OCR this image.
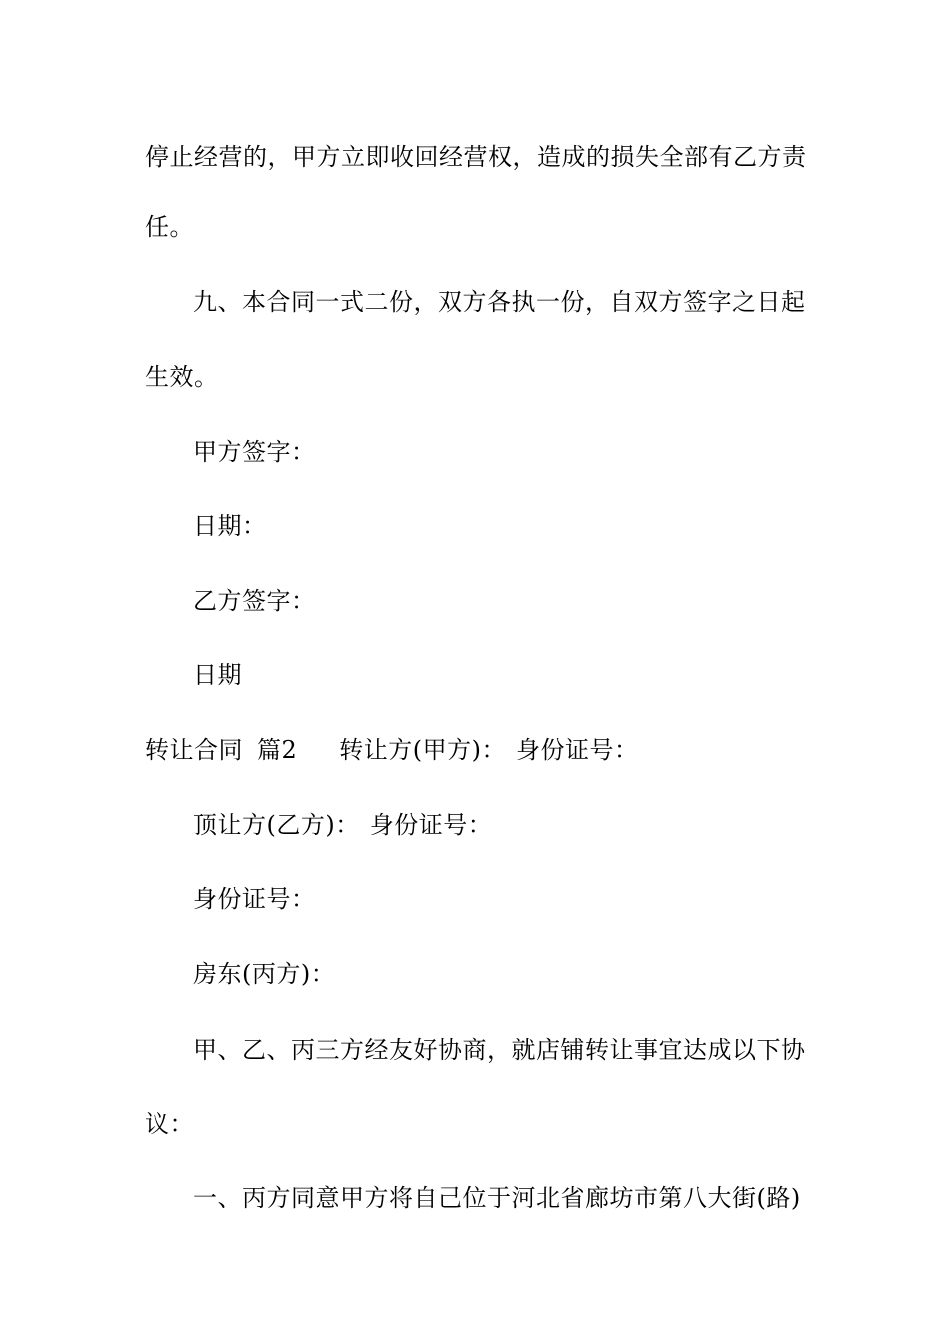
停止经营的，甲方立即收回经营权，造成的损失全部有乙方责
任。
九、本合同一式二份，双方各执一份，自双方签字之日起
生效。
甲方签字：
日期：
乙方签字：
日期
转让合同 篇2 转让方(甲方)： 身份证号：
顶让方(乙方)： 身份证号：
身份证号：
房东(丙方)：
甲、乙、丙三方经友好协商，就店铺转让事宜达成以下协
议：
一、丙方同意甲方将自己位于河北省廊坊市第八大街(路)
